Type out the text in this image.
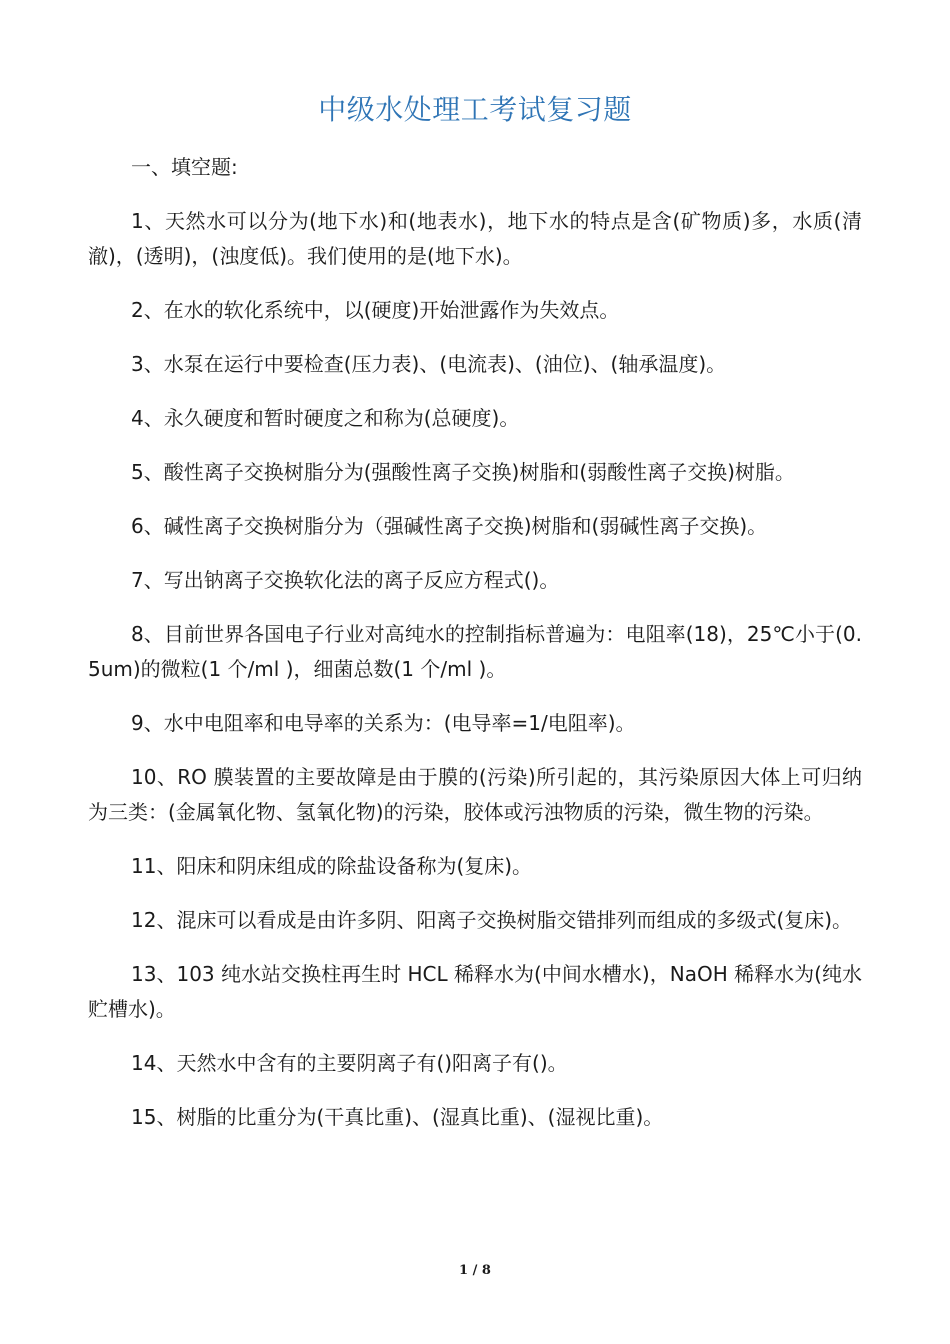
中级水处理工考试复习题

一、填空题:

1、天然水可以分为(地下水)和(地表水)，地下水的特点是含(矿物质)多，水质(清澈)，(透明)，(浊度低)。我们使用的是(地下水)。

2、在水的软化系统中，以(硬度)开始泄露作为失效点。

3、水泵在运行中要检查(压力表)、(电流表)、(油位)、(轴承温度)。

4、永久硬度和暂时硬度之和称为(总硬度)。

5、酸性离子交换树脂分为(强酸性离子交换)树脂和(弱酸性离子交换)树脂。

6、碱性离子交换树脂分为（强碱性离子交换)树脂和(弱碱性离子交换)。

7、写出钠离子交换软化法的离子反应方程式()。

8、目前世界各国电子行业对高纯水的控制指标普遍为：电阻率(18)，25℃小于(0.5um)的微粒(1 个/ml )，细菌总数(1 个/ml )。

9、水中电阻率和电导率的关系为：(电导率=1/电阻率)。

10、RO 膜装置的主要故障是由于膜的(污染)所引起的，其污染原因大体上可归纳为三类：(金属氧化物、氢氧化物)的污染，胶体或污浊物质的污染，微生物的污染。

11、阳床和阴床组成的除盐设备称为(复床)。

12、混床可以看成是由许多阴、阳离子交换树脂交错排列而组成的多级式(复床)。

13、103 纯水站交换柱再生时 HCL 稀释水为(中间水槽水)，NaOH 稀释水为(纯水贮槽水)。

14、天然水中含有的主要阴离子有()阳离子有()。

15、树脂的比重分为(干真比重)、(湿真比重)、(湿视比重)。

1 / 8
